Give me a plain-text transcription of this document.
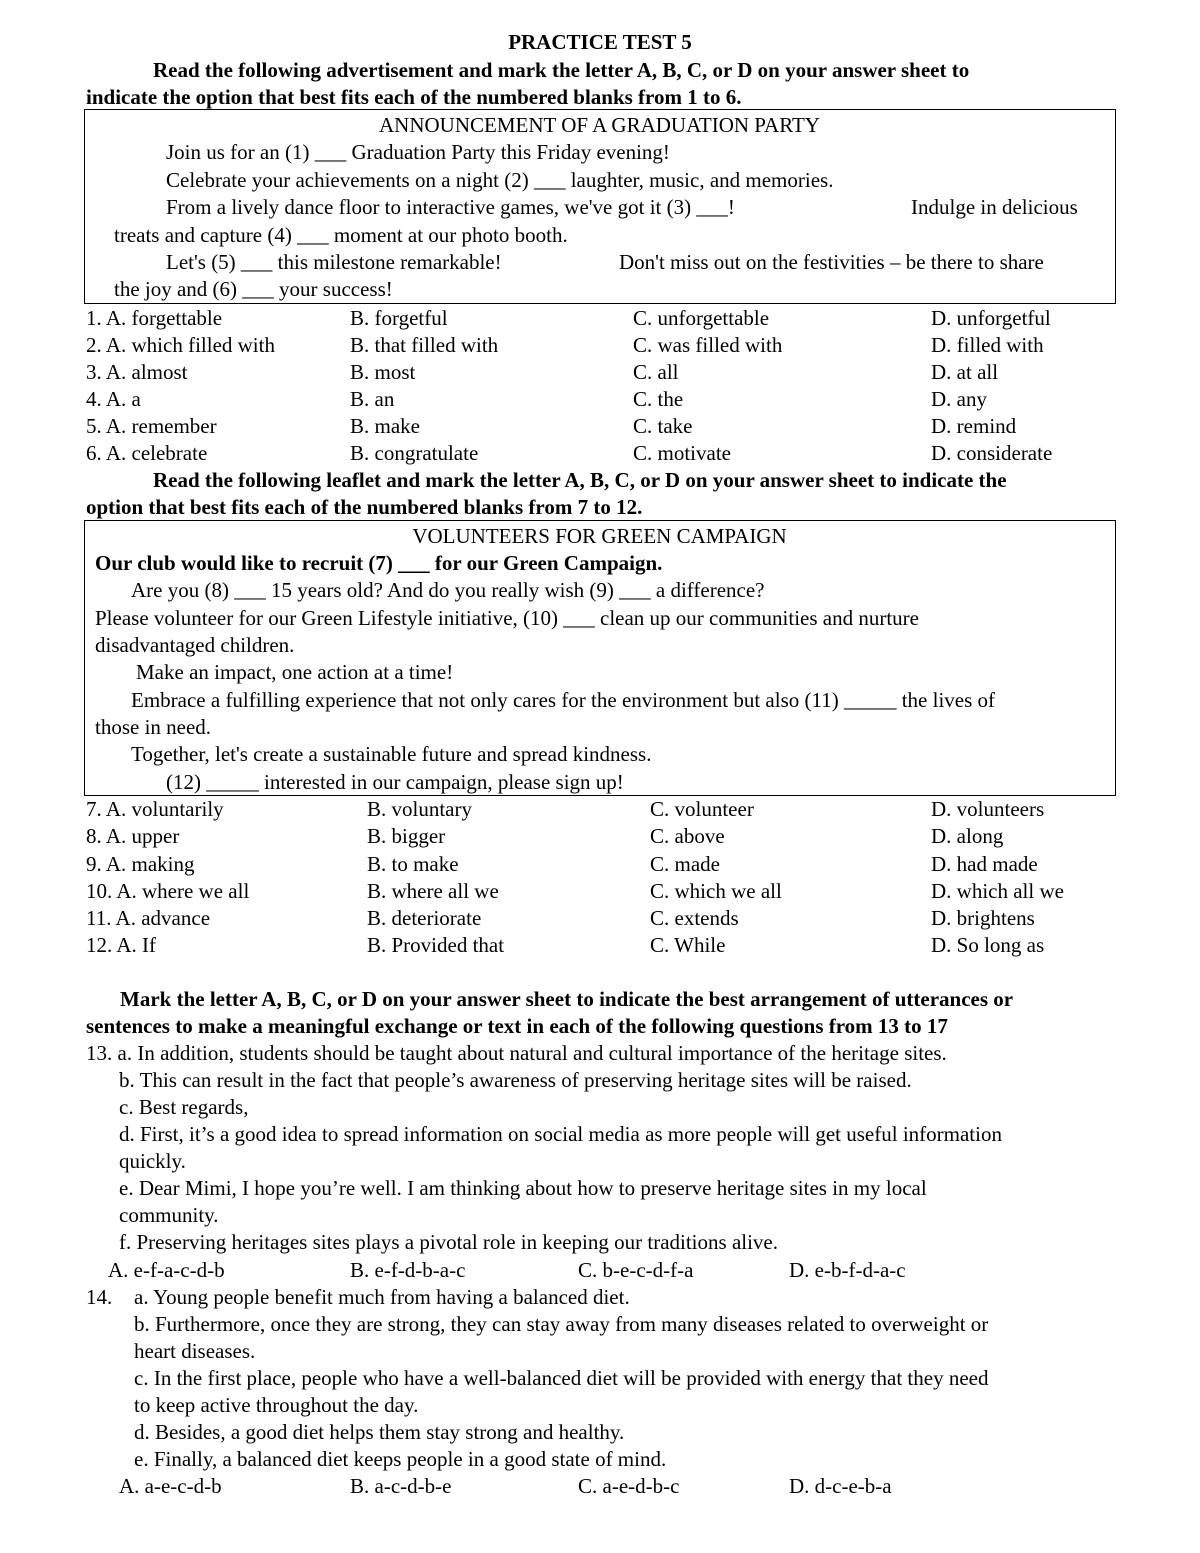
PRACTICE TEST 5
Read the following advertisement and mark the letter A, B, C, or D on your answer sheet to
indicate the option that best fits each of the numbered blanks from 1 to 6.
ANNOUNCEMENT OF A GRADUATION PARTY
Join us for an (1) ___ Graduation Party this Friday evening!
Celebrate your achievements on a night (2) ___ laughter, music, and memories.
From a lively dance floor to interactive games, we've got it (3) ___!	Indulge in delicious
treats and capture (4) ___ moment at our photo booth.
Let's (5) ___ this milestone remarkable!	Don't miss out on the festivities – be there to share
the joy and (6) ___ your success!
1. A. forgettable	B. forgetful	C. unforgettable	D. unforgetful
2. A. which filled with	B. that filled with	C. was filled with	D. filled with
3. A. almost	B. most	C. all	D. at all
4. A. a	B. an	C. the	D. any
5. A. remember	B. make	C. take	D. remind
6. A. celebrate	B. congratulate	C. motivate	D. considerate
Read the following leaflet and mark the letter A, B, C, or D on your answer sheet to indicate the
option that best fits each of the numbered blanks from 7 to 12.
VOLUNTEERS FOR GREEN CAMPAIGN
Our club would like to recruit (7) ___ for our Green Campaign.
Are you (8) ___ 15 years old? And do you really wish (9) ___ a difference?
Please volunteer for our Green Lifestyle initiative, (10) ___ clean up our communities and nurture
disadvantaged children.
Make an impact, one action at a time!
Embrace a fulfilling experience that not only cares for the environment but also (11) _____ the lives of
those in need.
Together, let's create a sustainable future and spread kindness.
(12) _____ interested in our campaign, please sign up!
7. A. voluntarily	B. voluntary	C. volunteer	D. volunteers
8. A. upper	B. bigger	C. above	D. along
9. A. making	B. to make	C. made	D. had made
10. A. where we all	B. where all we	C. which we all	D. which all we
11. A. advance	B. deteriorate	C. extends	D. brightens
12. A. If	B. Provided that	C. While	D. So long as
Mark the letter A, B, C, or D on your answer sheet to indicate the best arrangement of utterances or
sentences to make a meaningful exchange or text in each of the following questions from 13 to 17
13. a. In addition, students should be taught about natural and cultural importance of the heritage sites.
b. This can result in the fact that people’s awareness of preserving heritage sites will be raised.
c. Best regards,
d. First, it’s a good idea to spread information on social media as more people will get useful information
quickly.
e. Dear Mimi, I hope you’re well. I am thinking about how to preserve heritage sites in my local
community.
f. Preserving heritages sites plays a pivotal role in keeping our traditions alive.
A. e-f-a-c-d-b	B. e-f-d-b-a-c	C. b-e-c-d-f-a	D. e-b-f-d-a-c
14. a. Young people benefit much from having a balanced diet.
b. Furthermore, once they are strong, they can stay away from many diseases related to overweight or
heart diseases.
c. In the first place, people who have a well-balanced diet will be provided with energy that they need
to keep active throughout the day.
d. Besides, a good diet helps them stay strong and healthy.
e. Finally, a balanced diet keeps people in a good state of mind.
A. a-e-c-d-b	B. a-c-d-b-e	C. a-e-d-b-c	D. d-c-e-b-a
